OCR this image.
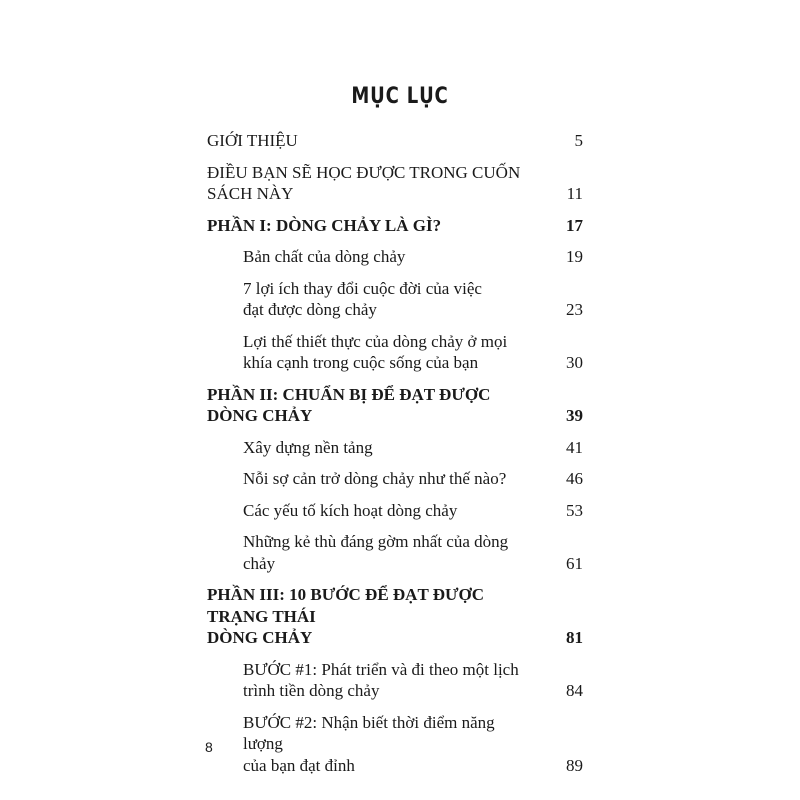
MỤC LỤC
GIỚI THIỆU	5
ĐIỀU BẠN SẼ HỌC ĐƯỢC TRONG CUỐN
SÁCH NÀY	11
PHẦN I: DÒNG CHẢY LÀ GÌ?	17
Bản chất của dòng chảy	19
7 lợi ích thay đổi cuộc đời của việc
đạt được dòng chảy	23
Lợi thế thiết thực của dòng chảy ở mọi
khía cạnh trong cuộc sống của bạn	30
PHẦN II: CHUẨN BỊ ĐỂ ĐẠT ĐƯỢC
DÒNG CHẢY	39
Xây dựng nền tảng	41
Nỗi sợ cản trở dòng chảy như thế nào?	46
Các yếu tố kích hoạt dòng chảy	53
Những kẻ thù đáng gờm nhất của dòng chảy	61
PHẦN III: 10 BƯỚC ĐỂ ĐẠT ĐƯỢC TRẠNG THÁI
DÒNG CHẢY	81
BƯỚC #1: Phát triển và đi theo một lịch
trình tiền dòng chảy	84
BƯỚC #2: Nhận biết thời điểm năng lượng
của bạn đạt đỉnh	89
8
